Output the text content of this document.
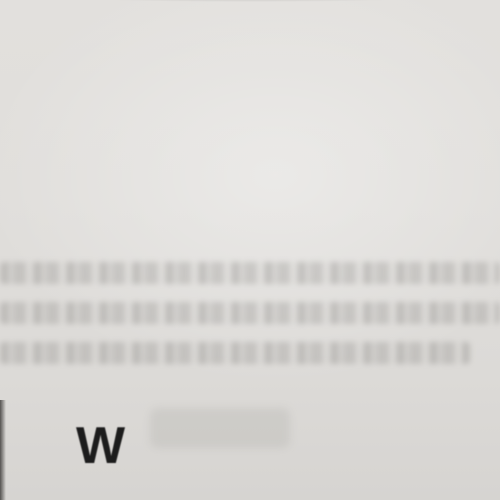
W
